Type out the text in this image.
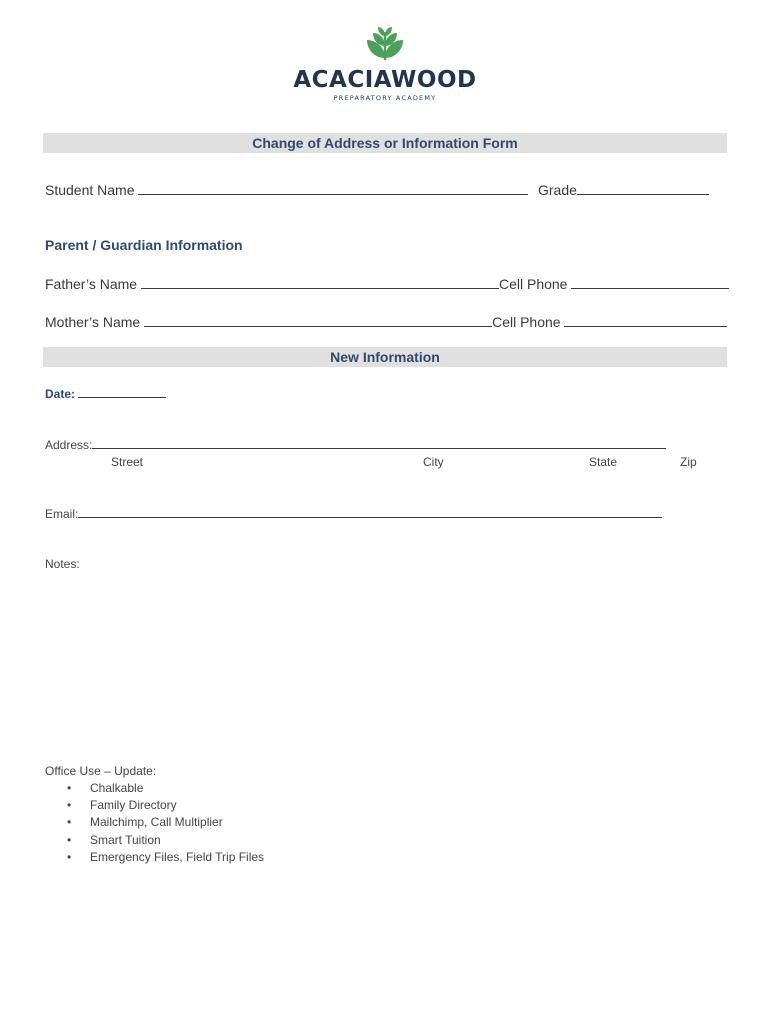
ACACIAWOOD
PREPARATORY ACADEMY
Change of Address or Information Form
Student Name	Grade
Parent / Guardian Information
Father’s Name	Cell Phone
Mother’s Name	Cell Phone
New Information
Date:
Address:
Street	City	State	Zip
Email:
Notes:
Office Use – Update:
• Chalkable
• Family Directory
• Mailchimp, Call Multiplier
• Smart Tuition
• Emergency Files, Field Trip Files
